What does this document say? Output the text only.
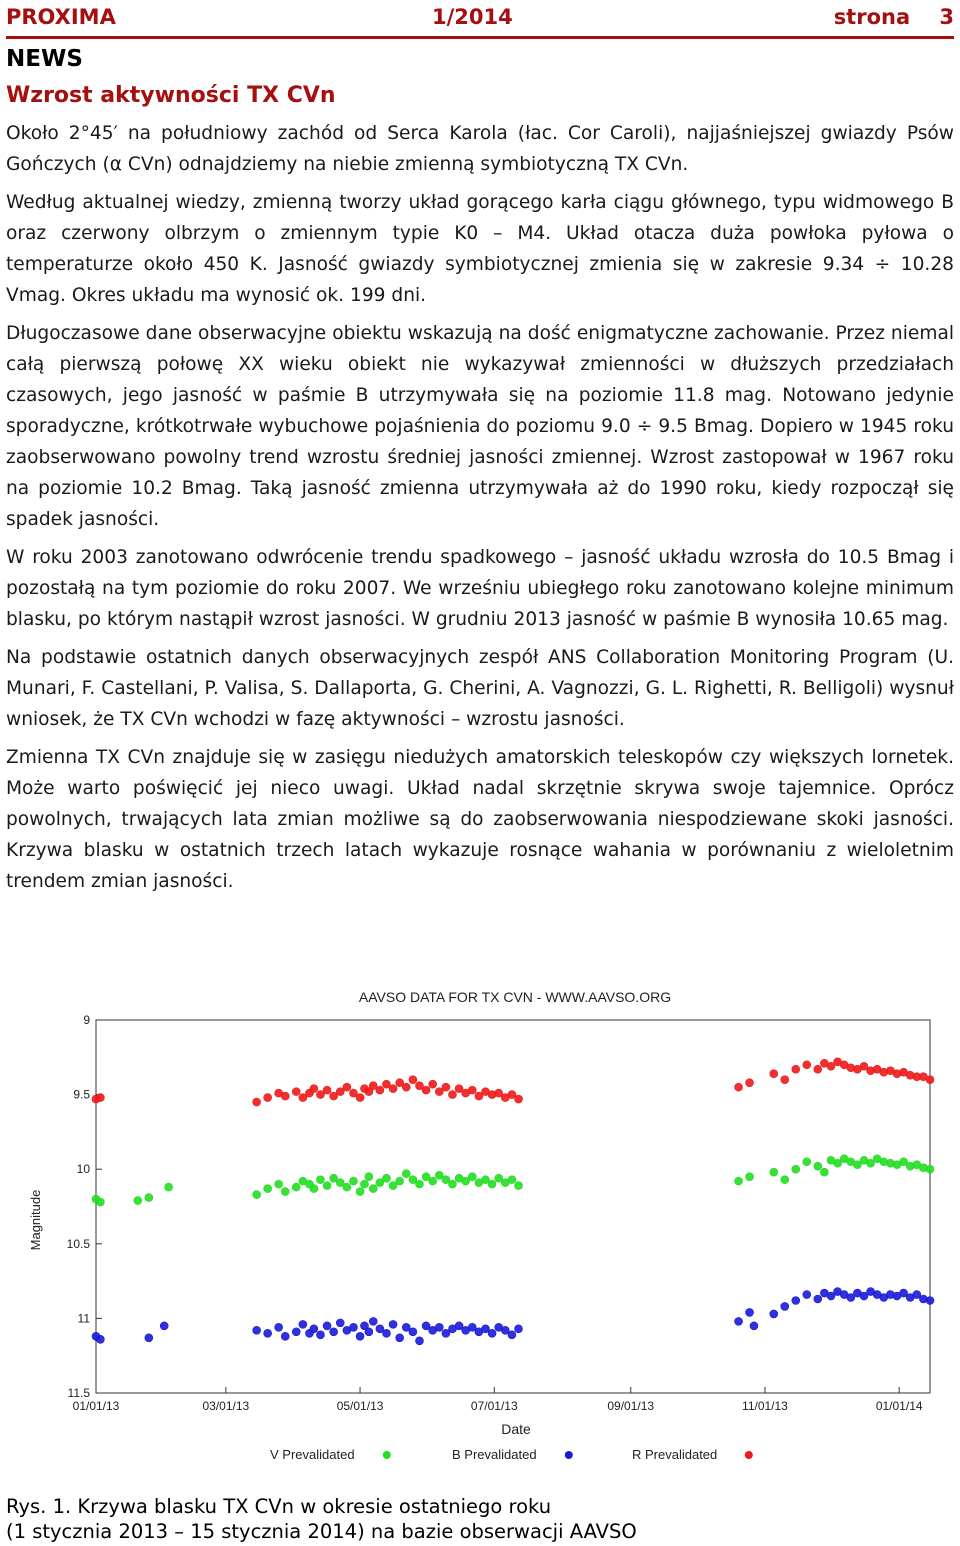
PROXIMA	1/2014	strona    3
NEWS
Wzrost aktywności TX CVn

Około 2°45′ na południowy zachód od Serca Karola (łac. Cor Caroli), najjaśniejszej gwiazdy Psów Gończych (α CVn) odnajdziemy na niebie zmienną symbiotyczną TX CVn.

Według aktualnej wiedzy, zmienną tworzy układ gorącego karła ciągu głównego, typu widmowego B oraz czerwony olbrzym o zmiennym typie K0 – M4. Układ otacza duża powłoka pyłowa o temperaturze około 450 K. Jasność gwiazdy symbiotycznej zmienia się w zakresie 9.34 ÷ 10.28 Vmag. Okres układu ma wynosić ok. 199 dni.

Długoczasowe dane obserwacyjne obiektu wskazują na dość enigmatyczne zachowanie. Przez niemal całą pierwszą połowę XX wieku obiekt nie wykazywał zmienności w dłuższych przedziałach czasowych, jego jasność w paśmie B utrzymywała się na poziomie 11.8 mag. Notowano jedynie sporadyczne, krótkotrwałe wybuchowe pojaśnienia do poziomu 9.0 ÷ 9.5 Bmag. Dopiero w 1945 roku zaobserwowano powolny trend wzrostu średniej jasności zmiennej. Wzrost zastopował w 1967 roku na poziomie 10.2 Bmag. Taką jasność zmienna utrzymywała aż do 1990 roku, kiedy rozpoczął się spadek jasności.

W roku 2003 zanotowano odwrócenie trendu spadkowego – jasność układu wzrosła do 10.5 Bmag i pozostałą na tym poziomie do roku 2007. We wrześniu ubiegłego roku zanotowano kolejne minimum blasku, po którym nastąpił wzrost jasności. W grudniu 2013 jasność w paśmie B wynosiła 10.65 mag.

Na podstawie ostatnich danych obserwacyjnych zespół ANS Collaboration Monitoring Program (U. Munari, F. Castellani, P. Valisa, S. Dallaporta, G. Cherini, A. Vagnozzi, G. L. Righetti, R. Belligoli) wysnuł wniosek, że TX CVn wchodzi w fazę aktywności – wzrostu jasności.

Zmienna TX CVn znajduje się w zasięgu niedużych amatorskich teleskopów czy większych lornetek. Może warto poświęcić jej nieco uwagi. Układ nadal skrzętnie skrywa swoje tajemnice. Oprócz powolnych, trwających lata zmian możliwe są do zaobserwowania niespodziewane skoki jasności. Krzywa blasku w ostatnich trzech latach wykazuje rosnące wahania w porównaniu z wieloletnim trendem zmian jasności.

AAVSO DATA FOR TX CVN - WWW.AAVSO.ORG
Magnitude
Date
9
9.5
10
10.5
11
11.5
01/01/13	03/01/13	05/01/13	07/01/13	09/01/13	11/01/13	01/01/14
V Prevalidated	B Prevalidated	R Prevalidated
Rys. 1. Krzywa blasku TX CVn w okresie ostatniego roku
(1 stycznia 2013 – 15 stycznia 2014) na bazie obserwacji AAVSO
